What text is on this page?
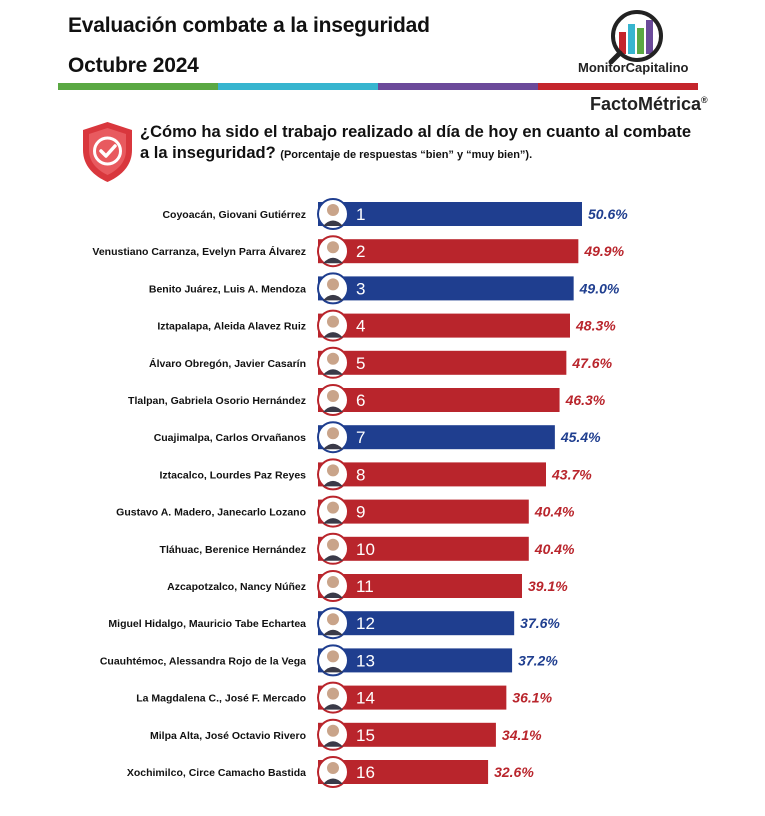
Evaluación combate a la inseguridad
Octubre 2024	MonitorCapitalino
FactoMétrica®
¿Cómo ha sido el trabajo realizado al día de hoy en cuanto al combate a la inseguridad? (Porcentaje de respuestas “bien” y “muy bien”).
Coyoacán, Giovani Gutiérrez	1	50.6%
Venustiano Carranza, Evelyn Parra Álvarez	2	49.9%
Benito Juárez, Luis A. Mendoza	3	49.0%
Iztapalapa, Aleida Alavez Ruiz	4	48.3%
Álvaro Obregón, Javier Casarín	5	47.6%
Tlalpan, Gabriela Osorio Hernández	6	46.3%
Cuajimalpa, Carlos Orvañanos	7	45.4%
Iztacalco, Lourdes Paz Reyes	8	43.7%
Gustavo A. Madero, Janecarlo Lozano	9	40.4%
Tláhuac, Berenice Hernández	10	40.4%
Azcapotzalco, Nancy Núñez	11	39.1%
Miguel Hidalgo, Mauricio Tabe Echartea	12	37.6%
Cuauhtémoc, Alessandra Rojo de la Vega	13	37.2%
La Magdalena C., José F. Mercado	14	36.1%
Milpa Alta, José Octavio Rivero	15	34.1%
Xochimilco, Circe Camacho Bastida	16	32.6%
